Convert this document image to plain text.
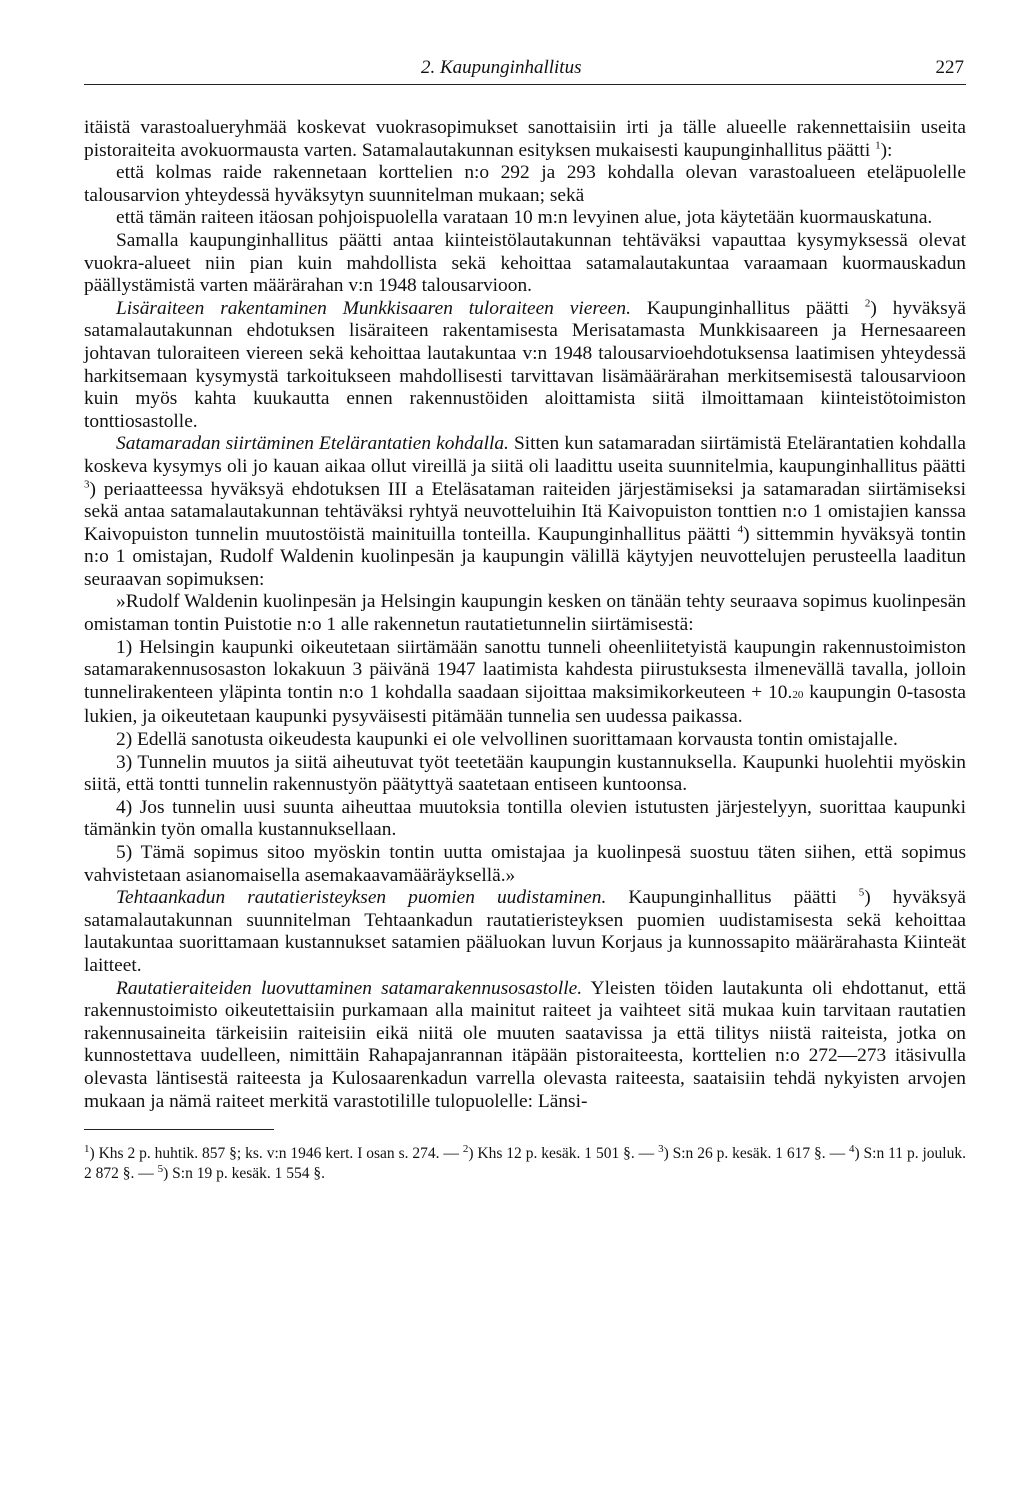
2. Kaupunginhallitus	227

itäistä varastoalueryhmää koskevat vuokrasopimukset sanottaisiin irti ja tälle alueelle rakennettaisiin useita pistoraiteita avokuormausta varten. Satamalautakunnan esityksen mukaisesti kaupunginhallitus päätti $^1$):

että kolmas raide rakennetaan korttelien n:o 292 ja 293 kohdalla olevan varastoalueen eteläpuolelle talousarvion yhteydessä hyväksytyn suunnitelman mukaan; sekä

että tämän raiteen itäosan pohjoispuolella varataan 10 m:n levyinen alue, jota käytetään kuormauskatuna.

Samalla kaupunginhallitus päätti antaa kiinteistölautakunnan tehtäväksi vapauttaa kysymyksessä olevat vuokra-alueet niin pian kuin mahdollista sekä kehoittaa satamalautakuntaa varaamaan kuormauskadun päällystämistä varten määrärahan v:n 1948 talousarvioon.

Lisäraiteen rakentaminen Munkkisaaren tuloraiteen viereen. Kaupunginhallitus päätti $^2$) hyväksyä satamalautakunnan ehdotuksen lisäraiteen rakentamisesta Merisatamasta Munkkisaareen ja Hernesaareen johtavan tuloraiteen viereen sekä kehoittaa lautakuntaa v:n 1948 talousarvioehdotuksensa laatimisen yhteydessä harkitsemaan kysymystä tarkoitukseen mahdollisesti tarvittavan lisämäärärahan merkitsemisestä talousarvioon kuin myös kahta kuukautta ennen rakennustöiden aloittamista siitä ilmoittamaan kiinteistötoimiston tonttiosastolle.

Satamaradan siirtäminen Etelärantatien kohdalla. Sitten kun satamaradan siirtämistä Etelärantatien kohdalla koskeva kysymys oli jo kauan aikaa ollut vireillä ja siitä oli laadittu useita suunnitelmia, kaupunginhallitus päätti $^3$) periaatteessa hyväksyä ehdotuksen III a Eteläsataman raiteiden järjestämiseksi ja satamaradan siirtämiseksi sekä antaa satamalautakunnan tehtäväksi ryhtyä neuvotteluihin Itä Kaivopuiston tonttien n:o 1 omistajien kanssa Kaivopuiston tunnelin muutostöistä mainituilla tonteilla. Kaupunginhallitus päätti $^4$) sittemmin hyväksyä tontin n:o 1 omistajan, Rudolf Waldenin kuolinpesän ja kaupungin välillä käytyjen neuvottelujen perusteella laaditun seuraavan sopimuksen:

»Rudolf Waldenin kuolinpesän ja Helsingin kaupungin kesken on tänään tehty seuraava sopimus kuolinpesän omistaman tontin Puistotie n:o 1 alle rakennetun rautatietunnelin siirtämisestä:

1) Helsingin kaupunki oikeutetaan siirtämään sanottu tunneli oheenliitetyistä kaupungin rakennustoimiston satamarakennusosaston lokakuun 3 päivänä 1947 laatimista kahdesta piirustuksesta ilmenevällä tavalla, jolloin tunnelirakenteen yläpinta tontin n:o 1 kohdalla saadaan sijoittaa maksimikorkeuteen + 10.20 kaupungin 0-tasosta lukien, ja oikeutetaan kaupunki pysyväisesti pitämään tunnelia sen uudessa paikassa.

2) Edellä sanotusta oikeudesta kaupunki ei ole velvollinen suorittamaan korvausta tontin omistajalle.

3) Tunnelin muutos ja siitä aiheutuvat työt teetetään kaupungin kustannuksella. Kaupunki huolehtii myöskin siitä, että tontti tunnelin rakennustyön päätyttyä saatetaan entiseen kuntoonsa.

4) Jos tunnelin uusi suunta aiheuttaa muutoksia tontilla olevien istutusten järjestelyyn, suorittaa kaupunki tämänkin työn omalla kustannuksellaan.

5) Tämä sopimus sitoo myöskin tontin uutta omistajaa ja kuolinpesä suostuu täten siihen, että sopimus vahvistetaan asianomaisella asemakaavamääräyksellä.»

Tehtaankadun rautatieristeyksen puomien uudistaminen. Kaupunginhallitus päätti $^5$) hyväksyä satamalautakunnan suunnitelman Tehtaankadun rautatieristeyksen puomien uudistamisesta sekä kehoittaa lautakuntaa suorittamaan kustannukset satamien pääluokan luvun Korjaus ja kunnossapito määrärahasta Kiinteät laitteet.

Rautatieraiteiden luovuttaminen satamarakennusosastolle. Yleisten töiden lautakunta oli ehdottanut, että rakennustoimisto oikeutettaisiin purkamaan alla mainitut raiteet ja vaihteet sitä mukaa kuin tarvitaan rautatien rakennusaineita tärkeisiin raiteisiin eikä niitä ole muuten saatavissa ja että tilitys niistä raiteista, jotka on kunnostettava uudelleen, nimittäin Rahapajanrannan itäpään pistoraiteesta, korttelien n:o 272—273 itäsivulla olevasta läntisestä raiteesta ja Kulosaarenkadun varrella olevasta raiteesta, saataisiin tehdä nykyisten arvojen mukaan ja nämä raiteet merkitä varastotilille tulopuolelle: Länsi-

$^1$) Khs 2 p. huhtik. 857 §; ks. v:n 1946 kert. I osan s. 274. — $^2$) Khs 12 p. kesäk. 1 501 §. — $^3$) S:n 26 p. kesäk. 1 617 §. — $^4$) S:n 11 p. jouluk. 2 872 §. — $^5$) S:n 19 p. kesäk. 1 554 §.
